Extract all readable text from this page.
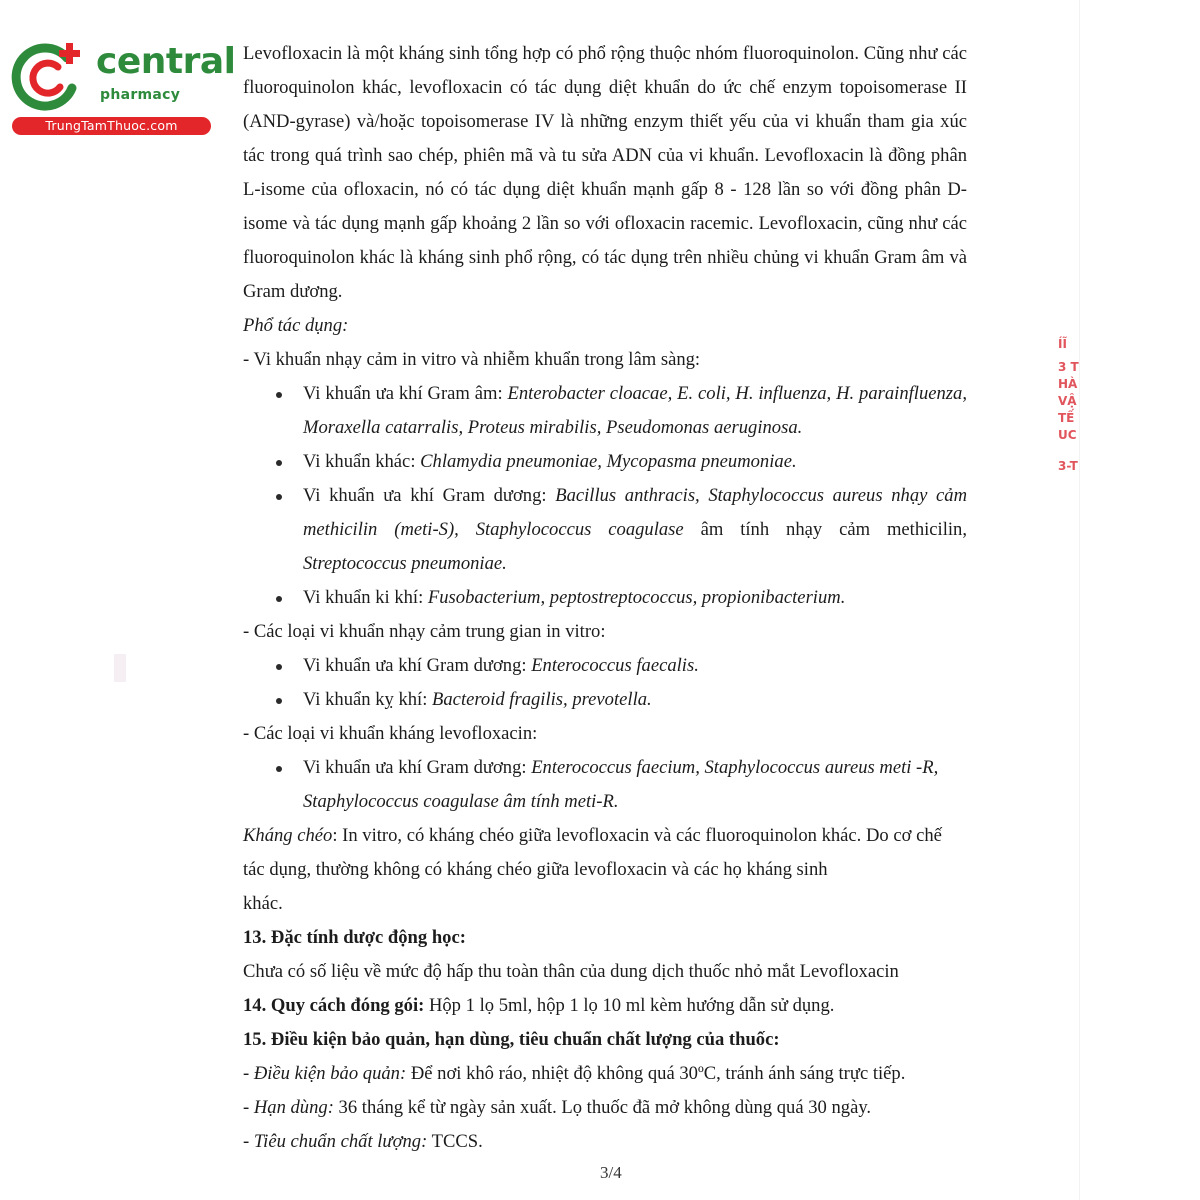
central
pharmacy
TrungTamThuoc.com
ÍĨ
3 T
HÀ
VẬ
TẾ
UC
3-T

Levofloxacin là một kháng sinh tổng hợp có phổ rộng thuộc nhóm fluoroquinolon. Cũng như các fluoroquinolon khác, levofloxacin có tác dụng diệt khuẩn do ức chế enzym topoisomerase II (AND-gyrase) và/hoặc topoisomerase IV là những enzym thiết yếu của vi khuẩn tham gia xúc tác trong quá trình sao chép, phiên mã và tu sửa ADN của vi khuẩn. Levofloxacin là đồng phân L-isome của ofloxacin, nó có tác dụng diệt khuẩn mạnh gấp 8 - 128 lần so với đồng phân D-isome và tác dụng mạnh gấp khoảng 2 lần so với ofloxacin racemic. Levofloxacin, cũng như các fluoroquinolon khác là kháng sinh phổ rộng, có tác dụng trên nhiều chủng vi khuẩn Gram âm và Gram dương.

Phổ tác dụng:

- Vi khuẩn nhạy cảm in vitro và nhiễm khuẩn trong lâm sàng:

Vi khuẩn ưa khí Gram âm: Enterobacter cloacae, E. coli, H. influenza, H. parainfluenza, Moraxella catarralis, Proteus mirabilis, Pseudomonas aeruginosa.
Vi khuẩn khác: Chlamydia pneumoniae, Mycopasma pneumoniae.
Vi khuẩn ưa khí Gram dương: Bacillus anthracis, Staphylococcus aureus nhạy cảm methicilin (meti-S), Staphylococcus coagulase âm tính nhạy cảm methicilin, Streptococcus pneumoniae.
Vi khuẩn ki khí: Fusobacterium, peptostreptococcus, propionibacterium.

- Các loại vi khuẩn nhạy cảm trung gian in vitro:

Vi khuẩn ưa khí Gram dương: Enterococcus faecalis.
Vi khuẩn kỵ khí: Bacteroid fragilis, prevotella.

- Các loại vi khuẩn kháng levofloxacin:

Vi khuẩn ưa khí Gram dương: Enterococcus faecium, Staphylococcus aureus meti -R, Staphylococcus coagulase âm tính meti-R.

Kháng chéo: In vitro, có kháng chéo giữa levofloxacin và các fluoroquinolon khác. Do cơ chế

tác dụng, thường không có kháng chéo giữa levofloxacin và các họ kháng sinh

khác.

13. Đặc tính dược động học:

Chưa có số liệu về mức độ hấp thu toàn thân của dung dịch thuốc nhỏ mắt Levofloxacin

14. Quy cách đóng gói: Hộp 1 lọ 5ml, hộp 1 lọ 10 ml kèm hướng dẫn sử dụng.

15. Điều kiện bảo quản, hạn dùng, tiêu chuẩn chất lượng của thuốc:

- Điều kiện bảo quản: Để nơi khô ráo, nhiệt độ không quá 30ºC, tránh ánh sáng trực tiếp.

- Hạn dùng: 36 tháng kể từ ngày sản xuất. Lọ thuốc đã mở không dùng quá 30 ngày.

- Tiêu chuẩn chất lượng: TCCS.

3/4
